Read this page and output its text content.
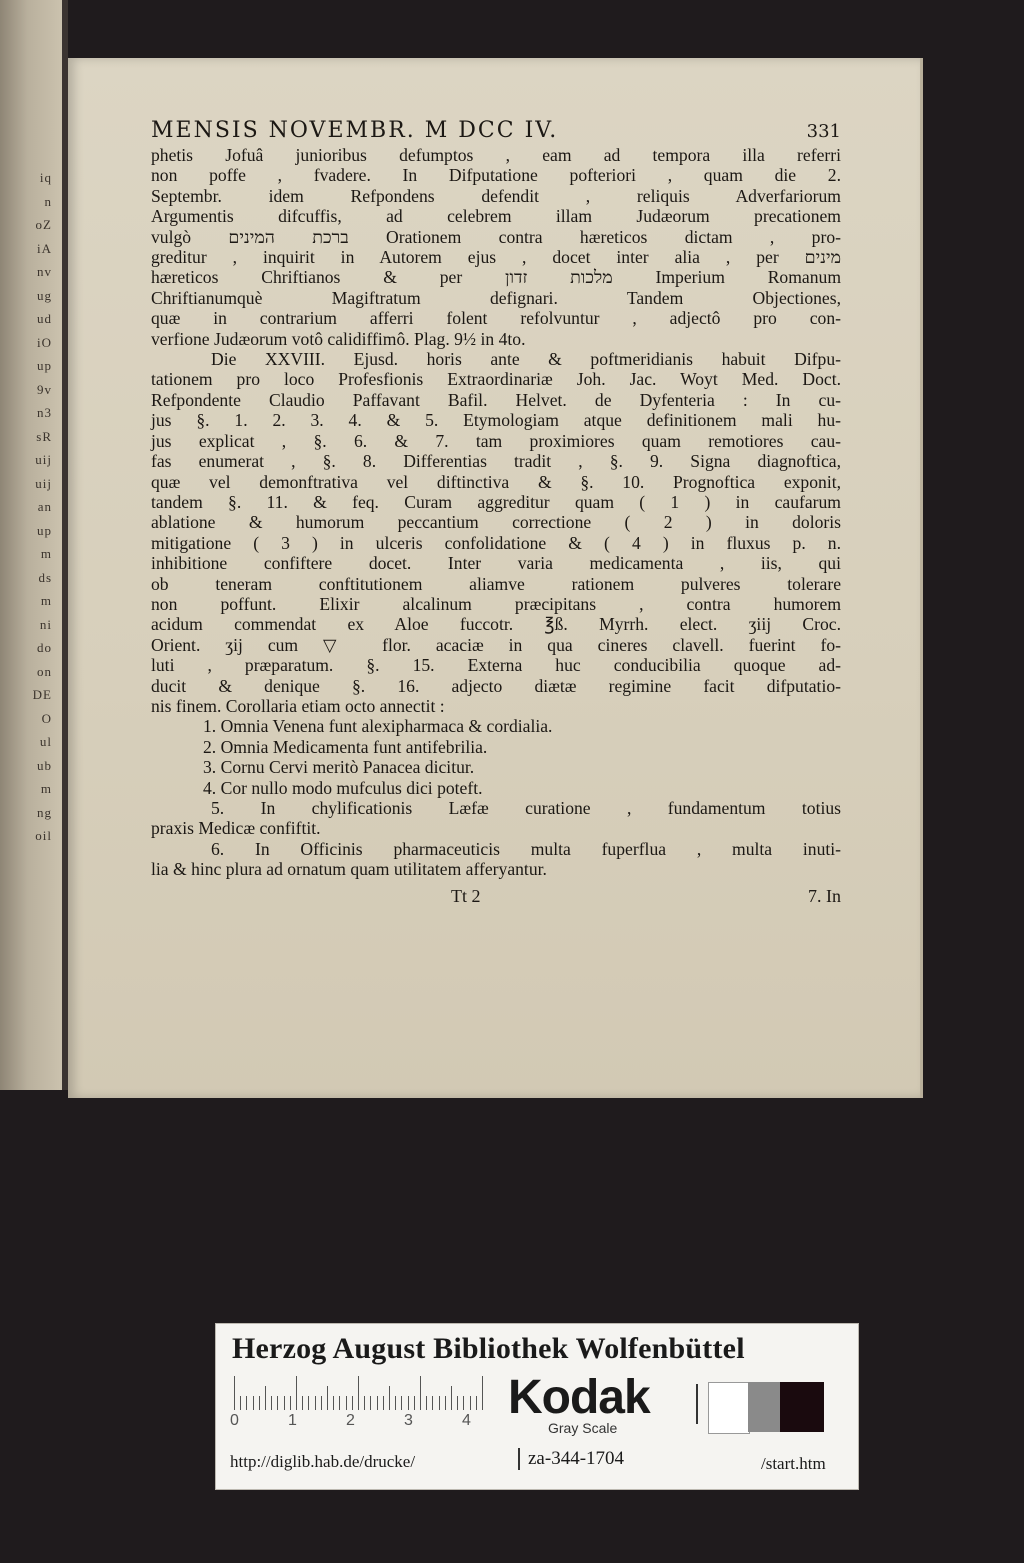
iq
n
oZ
iA
nv
ug
ud
iO
up
9v
n3
sR
uij
uij
an
up
m
ds
m
ni
do
on
DE
O
ul
ub
m
ng
oil
MENSIS NOVEMBR. M DCC IV.	331
phetis Jofuâ junioribus defumptos , eam ad tempora illa referri
non poffe , fvadere. In Difputatione pofteriori , quam die 2.
Septembr. idem Refpondens defendit , reliquis Adverfariorum
Argumentis difcuffis, ad celebrem illam Judæorum precationem
vulgò ברכת המינים Orationem contra hæreticos dictam , pro-
greditur , inquirit in Autorem ejus , docet inter alia , per מינים
hæreticos Chriftianos & per מלכות זדון Imperium Romanum
Chriftianumquè Magiftratum defignari. Tandem Objectiones,
quæ in contrarium afferri folent refolvuntur , adjectô pro con-
verfione Judæorum votô calidiffimô. Plag. 9½ in 4to.
Die XXVIII. Ejusd. horis ante & poftmeridianis habuit Difpu-
tationem pro loco Profesfionis Extraordinariæ Joh. Jac. Woyt Med. Doct.
Refpondente Claudio Paffavant Bafil. Helvet. de Dyfenteria : In cu-
jus §. 1. 2. 3. 4. & 5. Etymologiam atque definitionem mali hu-
jus explicat , §. 6. & 7. tam proximiores quam remotiores cau-
fas enumerat , §. 8. Differentias tradit , §. 9. Signa diagnoftica,
quæ vel demonftrativa vel diftinctiva & §. 10. Prognoftica exponit,
tandem §. 11. & feq. Curam aggreditur quam ( 1 ) in caufarum
ablatione & humorum peccantium correctione ( 2 ) in doloris
mitigatione ( 3 ) in ulceris confolidatione & ( 4 ) in fluxus p. n.
inhibitione confiftere docet. Inter varia medicamenta , iis, qui
ob teneram conftitutionem aliamve rationem pulveres tolerare
non poffunt. Elixir alcalinum præcipitans , contra humorem
acidum commendat ex Aloe fuccotr. ℥ß. Myrrh. elect. ʒiij Croc.
Orient. ʒij cum ▽ flor. acaciæ in qua cineres clavell. fuerint fo-
luti , præparatum. §. 15. Externa huc conducibilia quoque ad-
ducit & denique §. 16. adjecto diætæ regimine facit difputatio-
nis finem. Corollaria etiam octo annectit :
1. Omnia Venena funt alexipharmaca & cordialia.
2. Omnia Medicamenta funt antifebrilia.
3. Cornu Cervi meritò Panacea dicitur.
4. Cor nullo modo mufculus dici poteft.
5. In chylificationis Læfæ curatione , fundamentum totius
praxis Medicæ confiftit.
6. In Officinis pharmaceuticis multa fuperflua , multa inuti-
lia & hinc plura ad ornatum quam utilitatem afferyantur.
Tt 2	7. In
Herzog August Bibliothek Wolfenbüttel
0	1	2	3	4 Kodak
Gray Scale
http://diglib.hab.de/drucke/	za-344-1704	/start.htm
